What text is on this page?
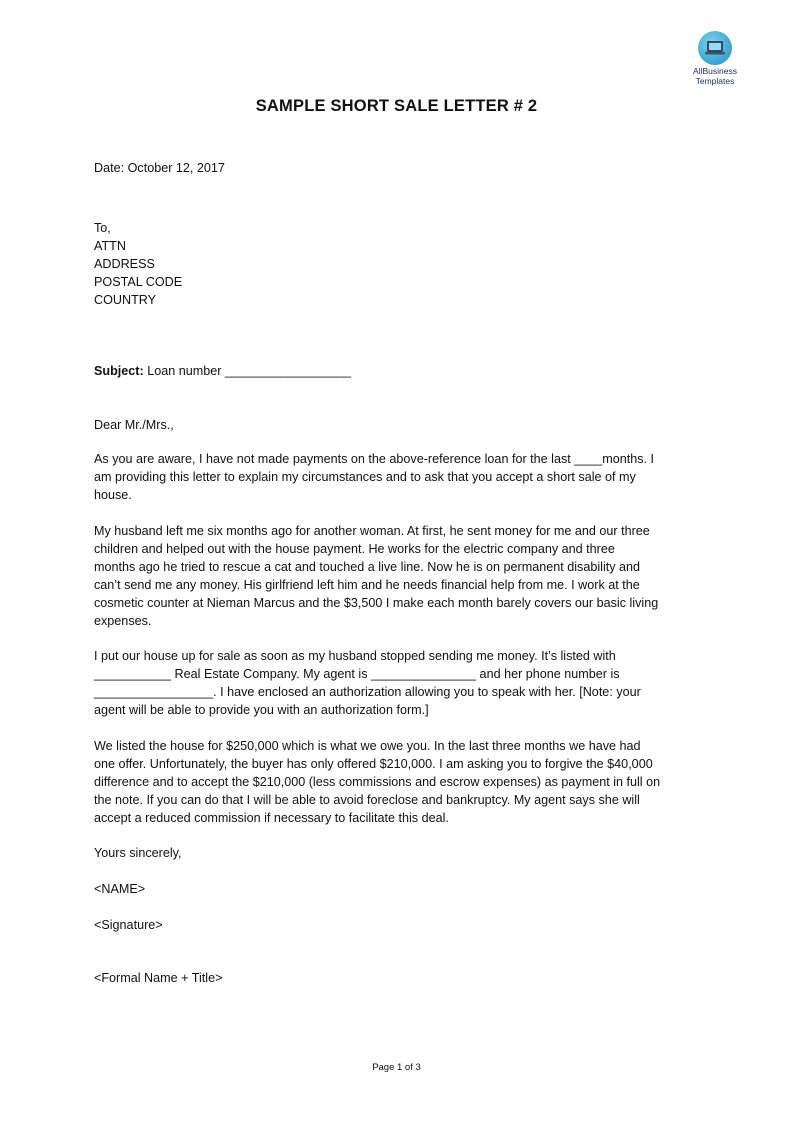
AllBusiness
Templates
SAMPLE SHORT SALE LETTER # 2

Date: October 12, 2017

To,

ATTN

ADDRESS

POSTAL CODE

COUNTRY

Subject: Loan number __________________

Dear Mr./Mrs.,

As you are aware, I have not made payments on the above-reference loan for the last ____months. I
am providing this letter to explain my circumstances and to ask that you accept a short sale of my
house.
My husband left me six months ago for another woman. At first, he sent money for me and our three
children and helped out with the house payment. He works for the electric company and three
months ago he tried to rescue a cat and touched a live line. Now he is on permanent disability and
can’t send me any money. His girlfriend left him and he needs financial help from me. I work at the
cosmetic counter at Nieman Marcus and the $3,500 I make each month barely covers our basic living
expenses.
I put our house up for sale as soon as my husband stopped sending me money. It’s listed with
___________ Real Estate Company. My agent is _______________ and her phone number is
_________________. I have enclosed an authorization allowing you to speak with her. [Note: your
agent will be able to provide you with an authorization form.]
We listed the house for $250,000 which is what we owe you. In the last three months we have had
one offer. Unfortunately, the buyer has only offered $210,000. I am asking you to forgive the $40,000
difference and to accept the $210,000 (less commissions and escrow expenses) as payment in full on
the note. If you can do that I will be able to avoid foreclose and bankruptcy. My agent says she will
accept a reduced commission if necessary to facilitate this deal.

Yours sincerely,

<NAME>

<Signature>

<Formal Name + Title>

Page 1 of 3
